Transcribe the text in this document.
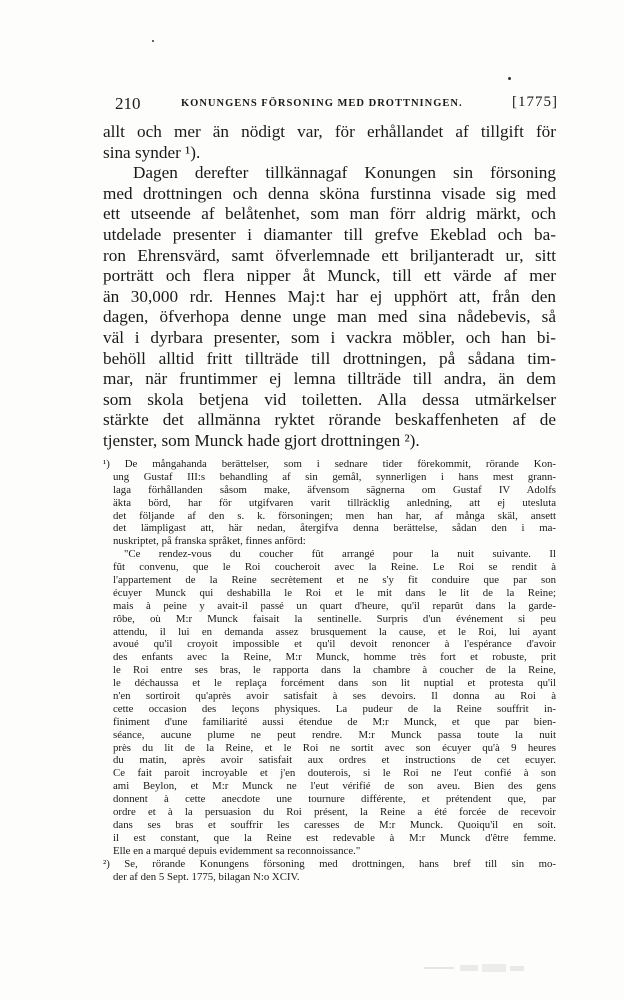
210	KONUNGENS FÖRSONING MED DROTTNINGEN.	[1775]
allt och mer än nödigt var, för erhållandet af tillgift för
sina synder ¹).
Dagen derefter tillkännagaf Konungen sin försoning
med drottningen och denna sköna furstinna visade sig med
ett utseende af belåtenhet, som man förr aldrig märkt, och
utdelade presenter i diamanter till grefve Ekeblad och ba-
ron Ehrensvärd, samt öfverlemnade ett briljanteradt ur, sitt
porträtt och flera nipper åt Munck, till ett värde af mer
än 30,000 rdr. Hennes Maj:t har ej upphört att, från den
dagen, öfverhopa denne unge man med sina nådebevis, så
väl i dyrbara presenter, som i vackra möbler, och han bi-
behöll alltid fritt tillträde till drottningen, på sådana tim-
mar, när fruntimmer ej lemna tillträde till andra, än dem
som skola betjena vid toiletten. Alla dessa utmärkelser
stärkte det allmänna ryktet rörande beskaffenheten af de
tjenster, som Munck hade gjort drottningen ²).
¹) De mångahanda berättelser, som i sednare tider förekommit, rörande Kon-
ung Gustaf III:s behandling af sin gemål, synnerligen i hans mest grann-
laga förhållanden såsom make, äfvensom sägnerna om Gustaf IV Adolfs
äkta börd, har för utgifvaren varit tillräcklig anledning, att ej utesluta
det följande af den s. k. försoningen; men han har, af många skäl, ansett
det lämpligast att, här nedan, återgifva denna berättelse, sådan den i ma-
nuskriptet, på franska språket, finnes anförd:
"Ce rendez-vous du coucher fût arrangé pour la nuit suivante. Il
fût convenu, que le Roi coucheroit avec la Reine. Le Roi se rendit à
l'appartement de la Reine secrètement et ne s'y fit conduire que par son
écuyer Munck qui deshabilla le Roi et le mit dans le lit de la Reine;
mais à peine y avait-il passé un quart d'heure, qu'il reparût dans la garde-
rôbe, où M:r Munck faisait la sentinelle. Surpris d'un événement si peu
attendu, il lui en demanda assez brusquement la cause, et le Roi, lui ayant
avoué qu'il croyoit impossible et qu'il devoit renoncer à l'espérance d'avoir
des enfants avec la Reine, M:r Munck, homme très fort et robuste, prit
le Roi entre ses bras, le rapporta dans la chambre à coucher de la Reine,
le déchaussa et le replaça forcément dans son lit nuptial et protesta qu'il
n'en sortiroit qu'après avoir satisfait à ses devoirs. Il donna au Roi à
cette occasion des leçons physiques. La pudeur de la Reine souffrit in-
finiment d'une familiarité aussi étendue de M:r Munck, et que par bien-
séance, aucune plume ne peut rendre. M:r Munck passa toute la nuit
près du lit de la Reine, et le Roi ne sortit avec son écuyer qu'à 9 heures
du matin, après avoir satisfait aux ordres et instructions de cet ecuyer.
Ce fait paroit incroyable et j'en douterois, si le Roi ne l'eut confié à son
ami Beylon, et M:r Munck ne l'eut vérifié de son aveu. Bien des gens
donnent à cette anecdote une tournure différente, et prétendent que, par
ordre et à la persuasion du Roi présent, la Reine a été forcée de recevoir
dans ses bras et souffrir les caresses de M:r Munck. Quoiqu'il en soit.
il est constant, que la Reine est redevable à M:r Munck d'être femme.
Elle en a marqué depuis evidemment sa reconnoissance."
²) Se, rörande Konungens försoning med drottningen, hans bref till sin mo-
der af den 5 Sept. 1775, bilagan N:o XCIV.
